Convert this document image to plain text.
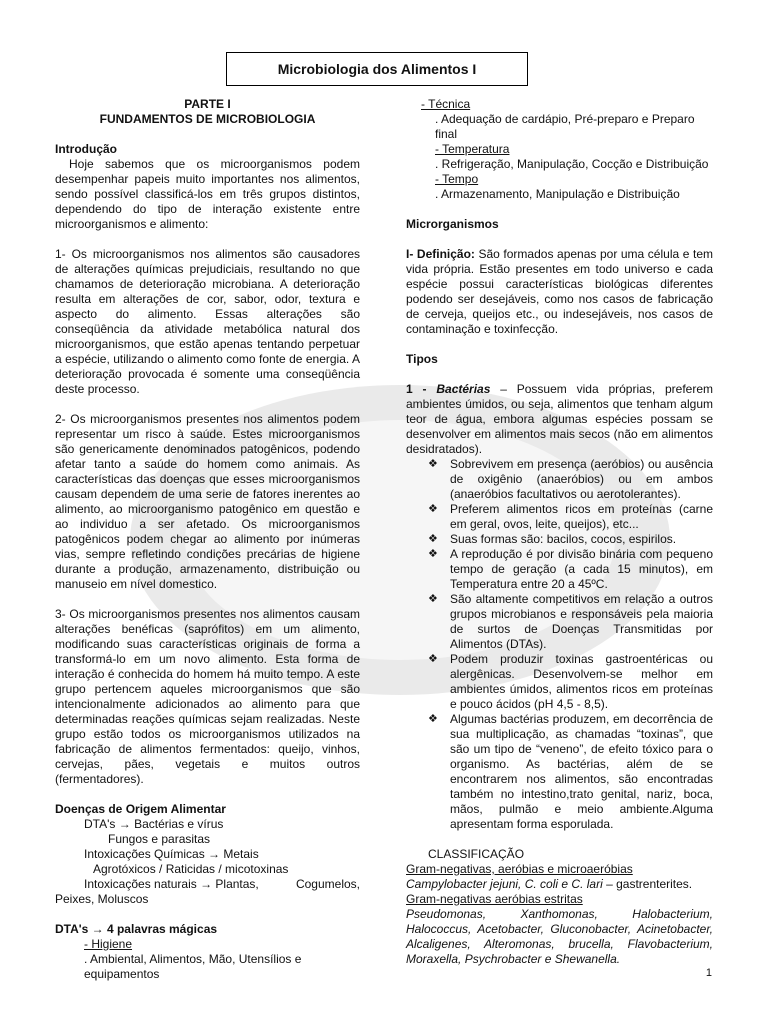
Microbiologia dos Alimentos I
PARTE I
FUNDAMENTOS DE MICROBIOLOGIA

Introdução

Hoje sabemos que os microorganismos podem desempenhar papeis muito importantes nos alimentos, sendo possível classificá-los em três grupos distintos, dependendo do tipo de interação existente entre microorganismos e alimento:

1- Os microorganismos nos alimentos são causadores de alterações químicas prejudiciais, resultando no que chamamos de deterioração microbiana. A deterioração resulta em alterações de cor, sabor, odor, textura e aspecto do alimento. Essas alterações são conseqüência da atividade metabólica natural dos microorganismos, que estão apenas tentando perpetuar a espécie, utilizando o alimento como fonte de energia. A deterioração provocada é somente uma conseqüência deste processo.

2- Os microorganismos presentes nos alimentos podem representar um risco à saúde. Estes microorganismos são genericamente denominados patogênicos, podendo afetar tanto a saúde do homem como animais. As características das doenças que esses microorganismos causam dependem de uma serie de fatores inerentes ao alimento, ao microorganismo patogênico em questão e ao individuo a ser afetado. Os microorganismos patogênicos podem chegar ao alimento por inúmeras vias, sempre refletindo condições precárias de higiene durante a produção, armazenamento, distribuição ou manuseio em nível domestico.

3- Os microorganismos presentes nos alimentos causam alterações benéficas (saprófitos) em um alimento, modificando suas características originais de forma a transformá-lo em um novo alimento. Esta forma de interação é conhecida do homem há muito tempo. A este grupo pertencem aqueles microorganismos que são intencionalmente adicionados ao alimento para que determinadas reações químicas sejam realizadas. Neste grupo estão todos os microorganismos utilizados na fabricação de alimentos fermentados: queijo, vinhos, cervejas, pães, vegetais e muitos outros (fermentadores).

Doenças de Origem Alimentar

DTA's → Bactérias e vírus

Fungos e parasitas

Intoxicações Químicas → Metais

Agrotóxicos / Raticidas / micotoxinas

Intoxicações naturais → Plantas,	Cogumelos,

Peixes, Moluscos

DTA's → 4 palavras mágicas

- Higiene

. Ambiental, Alimentos, Mão, Utensílios e equipamentos

- Técnica

. Adequação de cardápio, Pré-preparo e Preparo final

- Temperatura

. Refrigeração, Manipulação, Cocção e Distribuição

- Tempo

. Armazenamento, Manipulação e Distribuição

Microrganismos

I- Definição: São formados apenas por uma célula e tem vida própria. Estão presentes em todo universo e cada espécie possui características biológicas diferentes podendo ser desejáveis, como nos casos de fabricação de cerveja, queijos etc., ou indesejáveis, nos casos de contaminação e toxinfecção.

Tipos

1 - Bactérias – Possuem vida próprias, preferem ambientes úmidos, ou seja, alimentos que tenham algum teor de água, embora algumas espécies possam se desenvolver em alimentos mais secos (não em alimentos desidratados).

❖ Sobrevivem em presença (aeróbios) ou ausência de oxigênio (anaeróbios) ou em ambos (anaeróbios facultativos ou aerotolerantes).
❖ Preferem alimentos ricos em proteínas (carne em geral, ovos, leite, queijos), etc...
❖ Suas formas são: bacilos, cocos, espirilos.
❖ A reprodução é por divisão binária com pequeno tempo de geração (a cada 15 minutos), em Temperatura entre 20 a 45ºC.
❖ São altamente competitivos em relação a outros grupos microbianos e responsáveis pela maioria de surtos de Doenças Transmitidas por Alimentos (DTAs).
❖ Podem produzir toxinas gastroentéricas ou alergênicas. Desenvolvem-se melhor em ambientes úmidos, alimentos ricos em proteínas e pouco ácidos (pH 4,5 - 8,5).
❖ Algumas bactérias produzem, em decorrência de sua multiplicação, as chamadas “toxinas”, que são um tipo de “veneno”, de efeito tóxico para o organismo. As bactérias, além de se encontrarem nos alimentos, são encontradas também no intestino,trato genital, nariz, boca, mãos, pulmão e meio ambiente.Alguma apresentam forma esporulada.

CLASSIFICAÇÃO

Gram-negativas, aeróbias e microaeróbias

Campylobacter jejuni, C. coli e C. lari – gastrenterites.

Gram-negativas aeróbias estritas

Pseudomonas, Xanthomonas, Halobacterium, Halococcus, Acetobacter, Gluconobacter, Acinetobacter, Alcaligenes, Alteromonas, brucella, Flavobacterium, Moraxella, Psychrobacter e Shewanella.

1
